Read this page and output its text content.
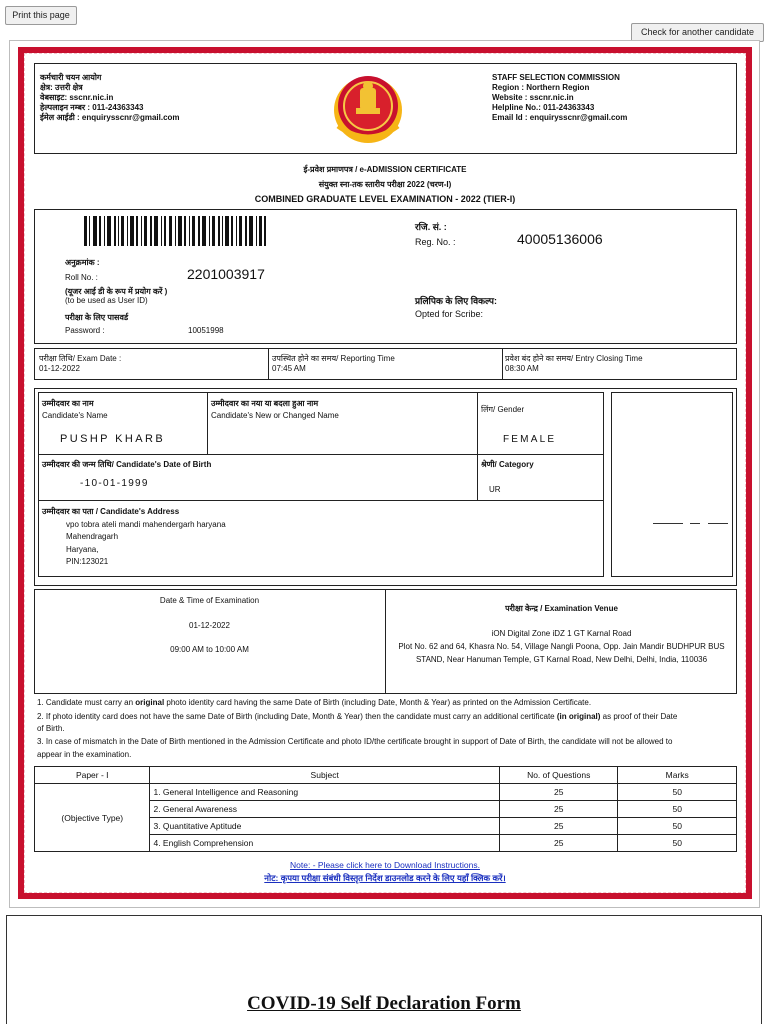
Print this page
Check for another candidate
कर्मचारी चयन आयोग
क्षेत्र: उत्तरी क्षेत्र
वेबसाइट: sscnr.nic.in
हेल्पलाइन नम्बर : 011-24363343
ईमेल आईडी : enquirysscnr@gmail.com
STAFF SELECTION COMMISSION
Region : Northern Region
Website : sscnr.nic.in
Helpline No.: 011-24363343
Email Id : enquirysscnr@gmail.com
ई-प्रवेश प्रमाणपत्र / e-ADMISSION CERTIFICATE
संयुक्त स्ना-तक स्तारीय परीक्षा 2022 (चरण-I)
COMBINED GRADUATE LEVEL EXAMINATION - 2022 (TIER-I)
अनुक्रमांक :
Roll No. :	2201003917
(यूजर आई डी के रूप में प्रयोग करें )
(to be used as User ID)
परीक्षा के लिए पासवर्ड
Password :	10051998
रजि. सं. :
Reg. No. :	40005136006
प्रलिपिक के लिए विकल्प:
Opted for Scribe:
परीक्षा तिथि/ Exam Date :
01-12-2022
उपस्थित होने का समय/ Reporting Time
07:45 AM
प्रवेश बंद होने का समय/ Entry Closing Time
08:30 AM
उम्मीदवार का नाम
Candidate's Name
PUSHP KHARB
उम्मीदवार का नया या बदला हुआ नाम
Candidate's New or Changed Name
लिंग/ Gender
FEMALE
उम्मीदवार की जन्म तिथि/ Candidate's Date of Birth
-10-01-1999
श्रेणी/ Category
UR
उम्मीदवार का पता / Candidate's Address
vpo tobra ateli mandi mahendergarh haryana
Mahendragarh
Haryana,
PIN:123021
Date & Time of Examination
01-12-2022
09:00 AM to 10:00 AM
परीक्षा केन्द्र / Examination Venue
iON Digital Zone iDZ 1 GT Karnal Road
Plot No. 62 and 64, Khasra No. 54, Village Nangli Poona, Opp. Jain Mandir BUDHPUR BUS
STAND, Near Hanuman Temple, GT Karnal Road, New Delhi, Delhi, India, 110036
1. Candidate must carry an original photo identity card having the same Date of Birth (including Date, Month & Year) as printed on the Admission Certificate.
2. If photo identity card does not have the same Date of Birth (including Date, Month & Year) then the candidate must carry an additional certificate (in original) as proof of their Date
of Birth.
3. In case of mismatch in the Date of Birth mentioned in the Admission Certificate and photo ID/the certificate brought in support of Date of Birth, the candidate will not be allowed to
appear in the examination.
Paper - I	Subject	No. of Questions	Marks
(Objective Type)	1. General Intelligence and Reasoning	25	50
	2. General Awareness	25	50
	3. Quantitative Aptitude	25	50
	4. English Comprehension	25	50
Note: - Please click here to Download Instructions.
नोट: कृपया परीक्षा संबंधी विस्तृत निर्देश डाउनलोड करने के लिए यहाँ क्लिक करें।
COVID-19 Self Declaration Form
